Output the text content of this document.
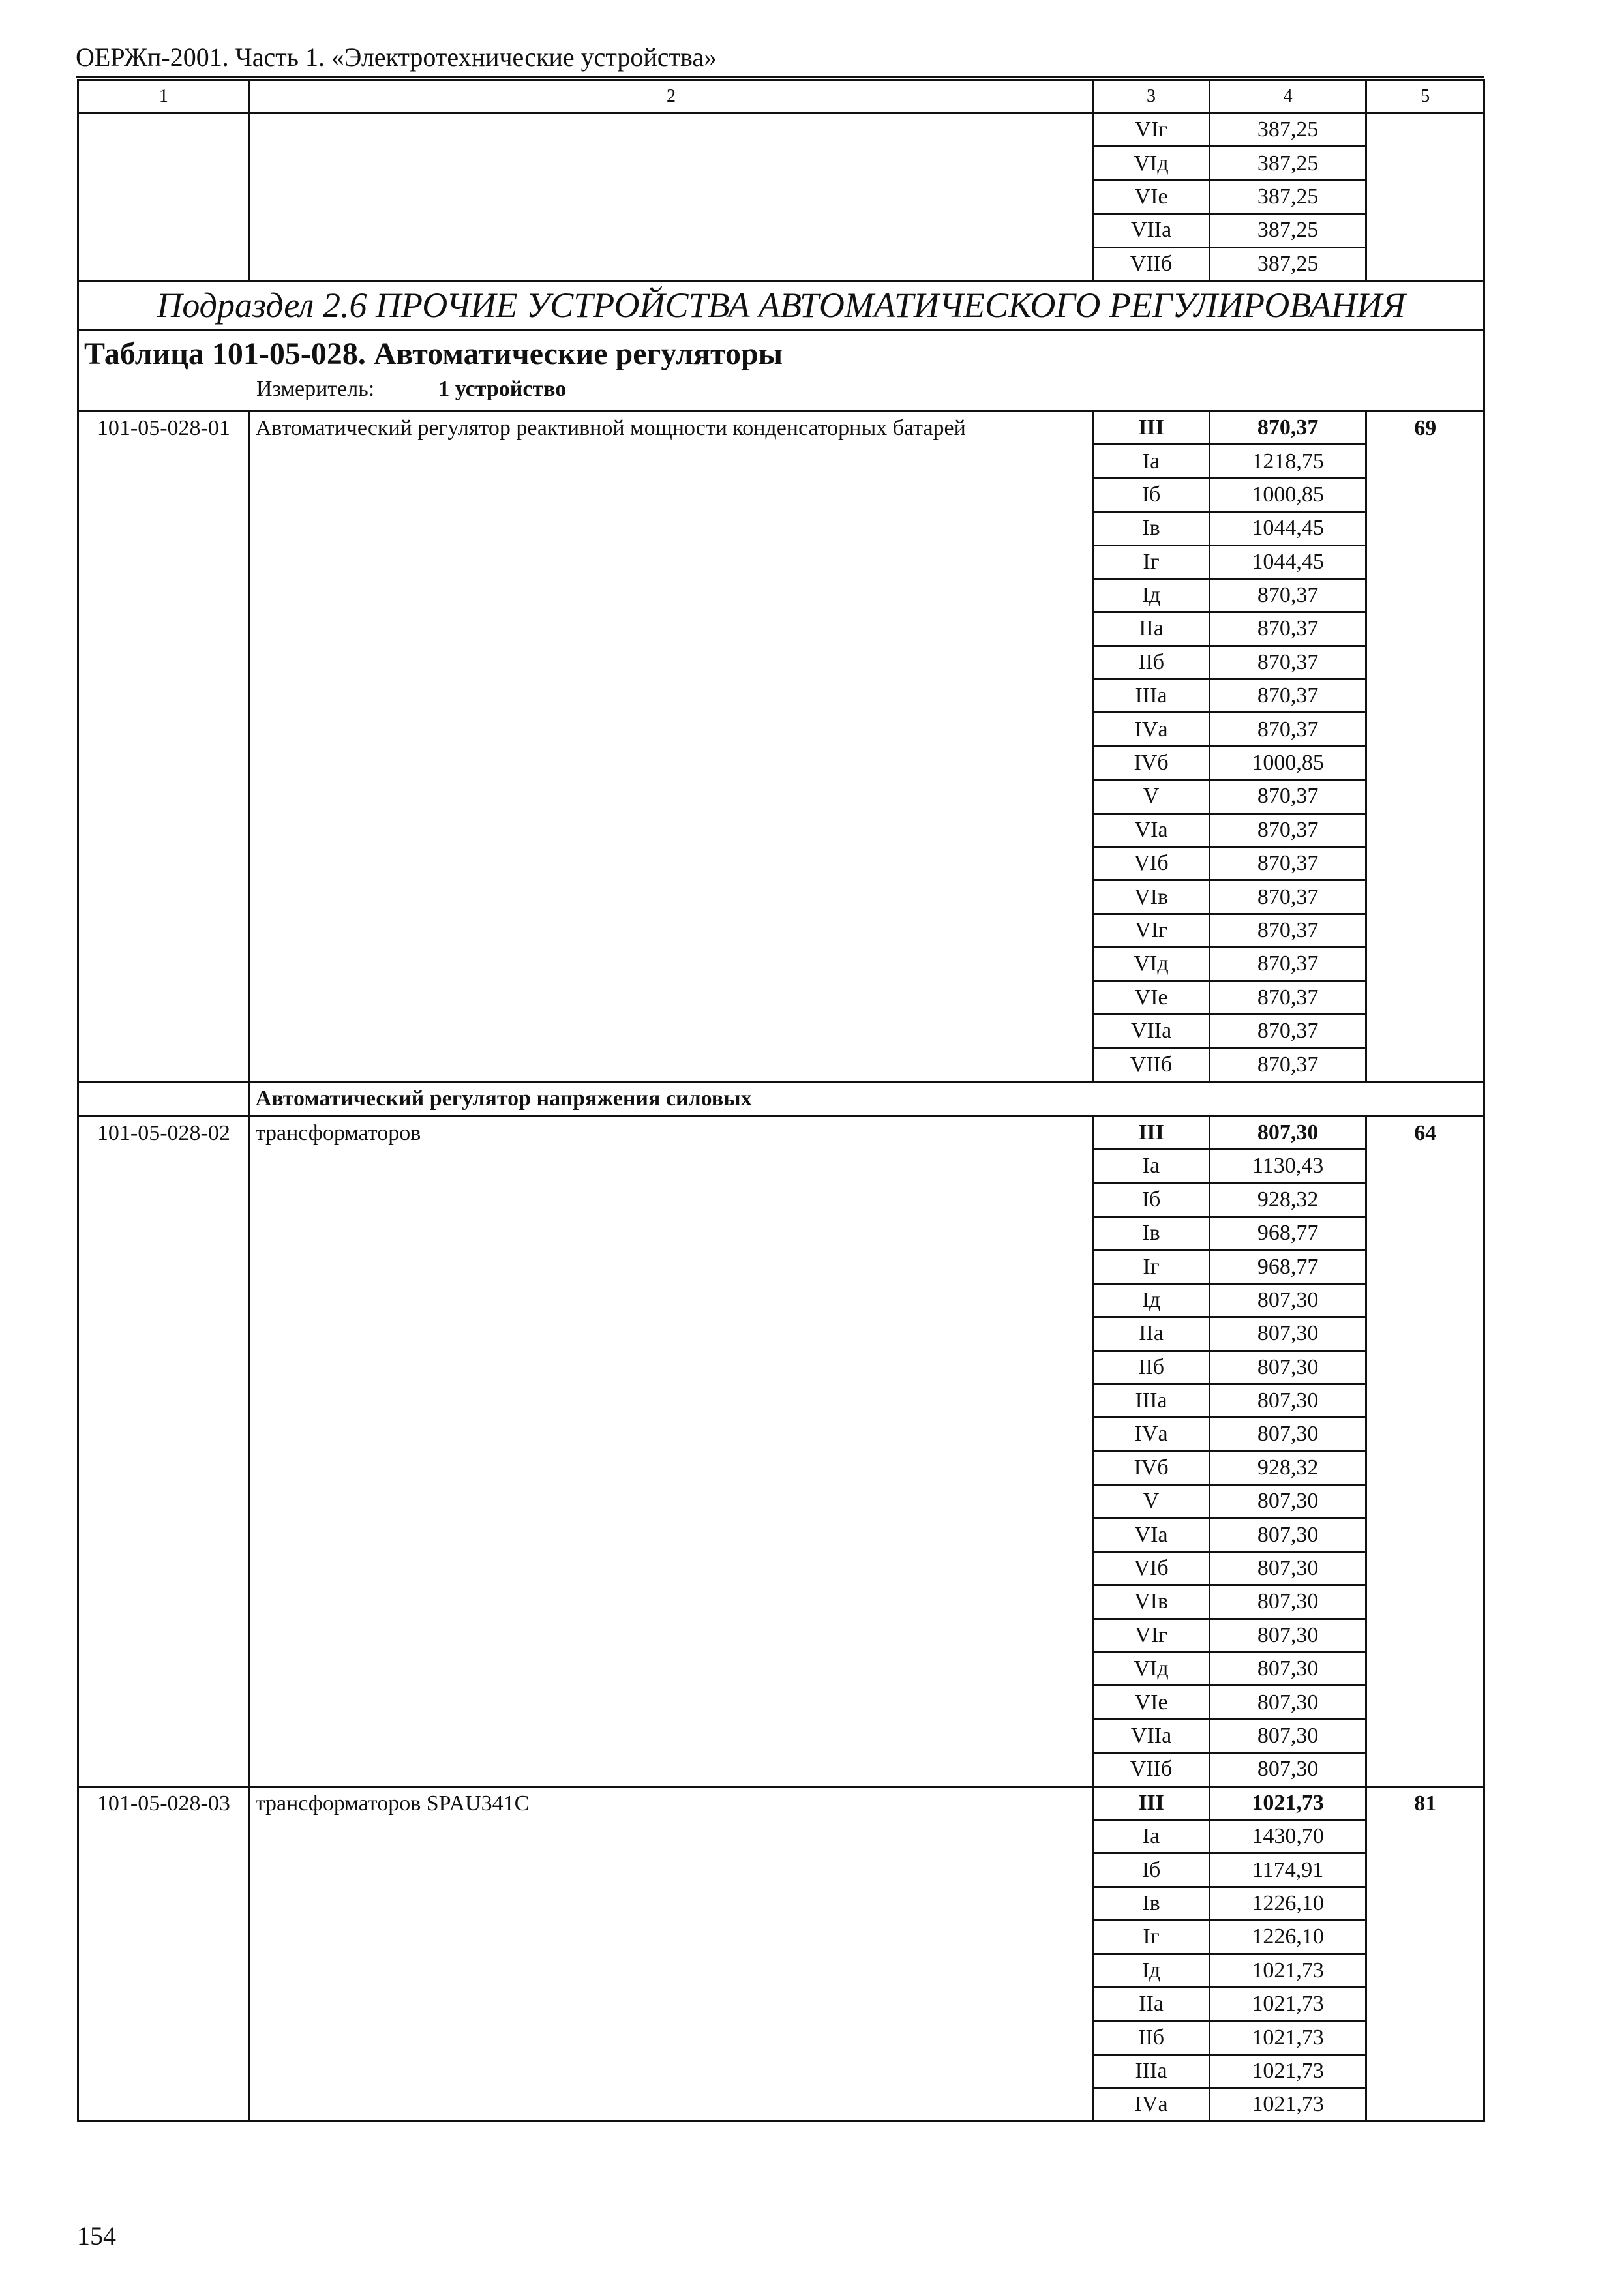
ОЕРЖп-2001. Часть 1. «Электротехнические устройства»
1	2	3	4	5
		VIг	387,25	
		VIд	387,25	
		VIе	387,25	
		VIIа	387,25	
		VIIб	387,25	
Подраздел 2.6 ПРОЧИЕ УСТРОЙСТВА АВТОМАТИЧЕСКОГО РЕГУЛИРОВАНИЯ				

Таблица 101-05-028. Автоматические регуляторы
Измеритель: 1 устройство				

101-05-028-01	Автоматический регулятор реактивной мощности конденсаторных батарей	III	870,37	69
		Iа	1218,75	
		Iб	1000,85	
		Iв	1044,45	
		Iг	1044,45	
		Iд	870,37	
		IIа	870,37	
		IIб	870,37	
		IIIа	870,37	
		IVа	870,37	
		IVб	1000,85	
		V	870,37	
		VIа	870,37	
		VIб	870,37	
		VIв	870,37	
		VIг	870,37	
		VIд	870,37	
		VIе	870,37	
		VIIа	870,37	
		VIIб	870,37	
	Автоматический регулятор напряжения силовых			
101-05-028-02	трансформаторов	III	807,30	64
		Iа	1130,43	
		Iб	928,32	
		Iв	968,77	
		Iг	968,77	
		Iд	807,30	
		IIа	807,30	
		IIб	807,30	
		IIIа	807,30	
		IVа	807,30	
		IVб	928,32	
		V	807,30	
		VIа	807,30	
		VIб	807,30	
		VIв	807,30	
		VIг	807,30	
		VIд	807,30	
		VIе	807,30	
		VIIа	807,30	
		VIIб	807,30	
101-05-028-03	трансформаторов SPAU341C	III	1021,73	81
		Iа	1430,70	
		Iб	1174,91	
		Iв	1226,10	
		Iг	1226,10	
		Iд	1021,73	
		IIа	1021,73	
		IIб	1021,73	
		IIIа	1021,73	
		IVа	1021,73	
154
